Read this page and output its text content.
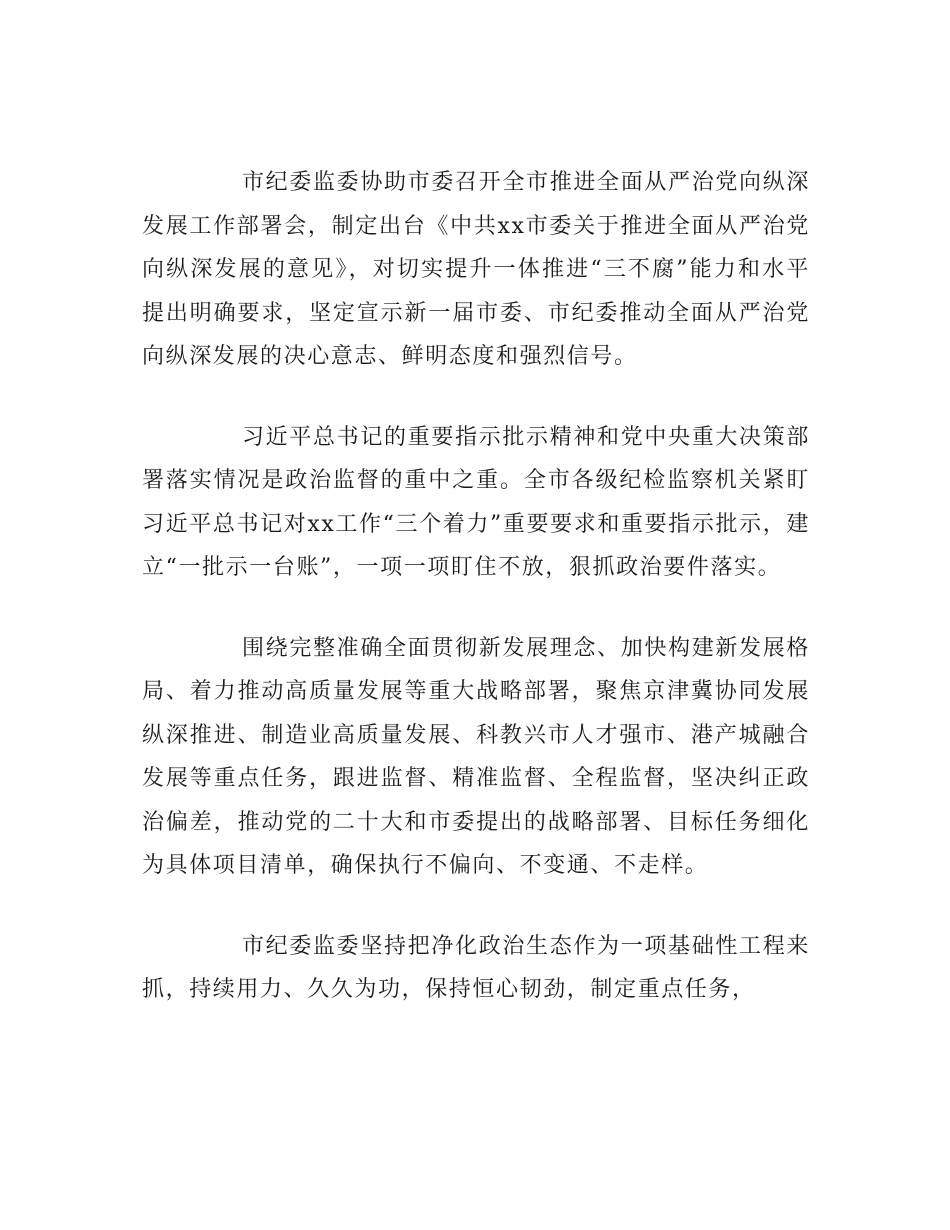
市纪委监委协助市委召开全市推进全面从严治党向纵深发展工作部署会，制定出台《中共xx市委关于推进全面从严治党向纵深发展的意见》，对切实提升一体推进“三不腐”能力和水平提出明确要求，坚定宣示新一届市委、市纪委推动全面从严治党向纵深发展的决心意志、鲜明态度和强烈信号。

习近平总书记的重要指示批示精神和党中央重大决策部署落实情况是政治监督的重中之重。全市各级纪检监察机关紧盯习近平总书记对xx工作“三个着力”重要要求和重要指示批示，建立“一批示一台账”，一项一项盯住不放，狠抓政治要件落实。

围绕完整准确全面贯彻新发展理念、加快构建新发展格局、着力推动高质量发展等重大战略部署，聚焦京津冀协同发展纵深推进、制造业高质量发展、科教兴市人才强市、港产城融合发展等重点任务，跟进监督、精准监督、全程监督，坚决纠正政治偏差，推动党的二十大和市委提出的战略部署、目标任务细化为具体项目清单，确保执行不偏向、不变通、不走样。

市纪委监委坚持把净化政治生态作为一项基础性工程来抓，持续用力、久久为功，保持恒心韧劲，制定重点任务，
